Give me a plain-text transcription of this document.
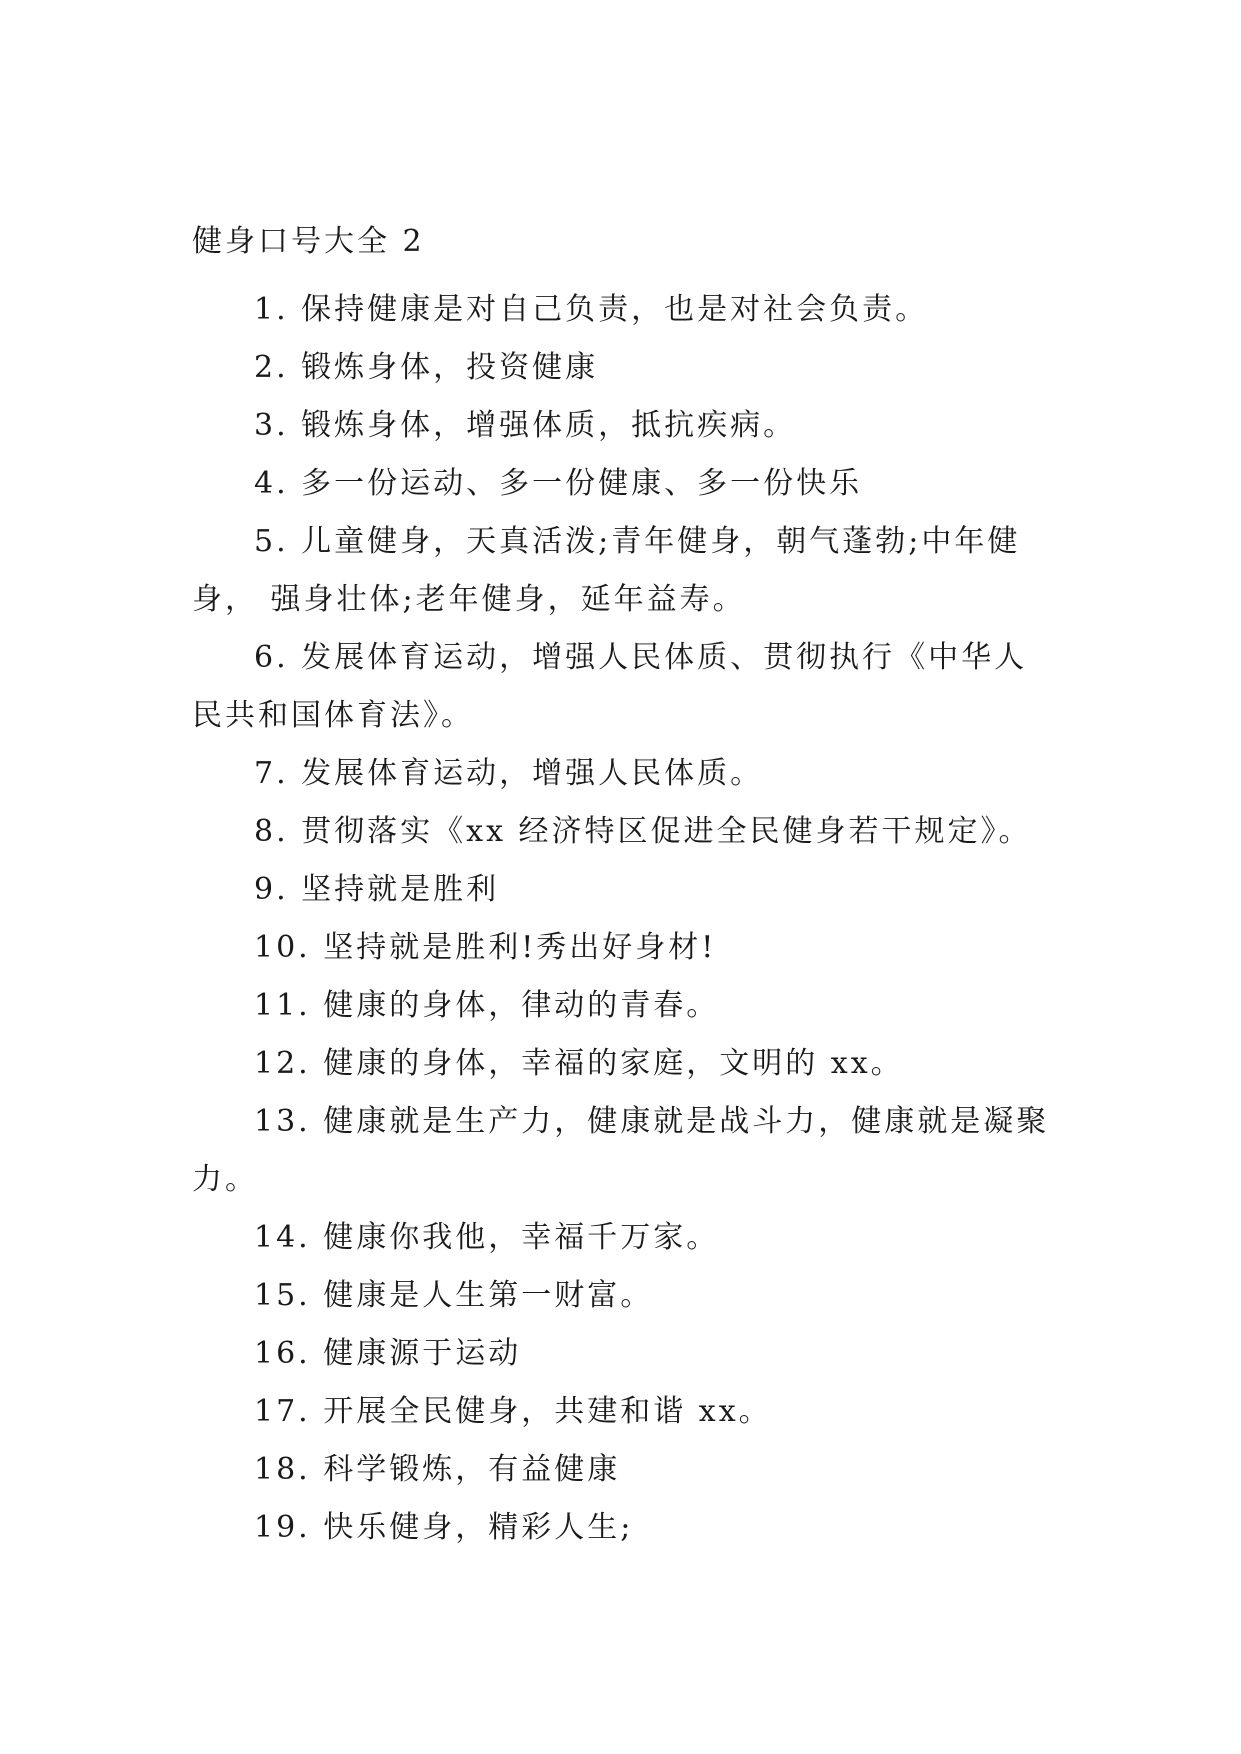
健身口号大全 2
1. 保持健康是对自己负责，也是对社会负责。
2. 锻炼身体，投资健康
3. 锻炼身体，增强体质，抵抗疾病。
4. 多一份运动、多一份健康、多一份快乐
5. 儿童健身，天真活泼;青年健身，朝气蓬勃;中年健身， 强身壮体;老年健身，延年益寿。
6. 发展体育运动，增强人民体质、贯彻执行《中华人民共和国体育法》。
7. 发展体育运动，增强人民体质。
8. 贯彻落实《xx 经济特区促进全民健身若干规定》。
9. 坚持就是胜利
10. 坚持就是胜利!秀出好身材!
11. 健康的身体，律动的青春。
12. 健康的身体，幸福的家庭，文明的 xx。
13. 健康就是生产力，健康就是战斗力，健康就是凝聚力。
14. 健康你我他，幸福千万家。
15. 健康是人生第一财富。
16. 健康源于运动
17. 开展全民健身，共建和谐 xx。
18. 科学锻炼，有益健康
19. 快乐健身，精彩人生;
